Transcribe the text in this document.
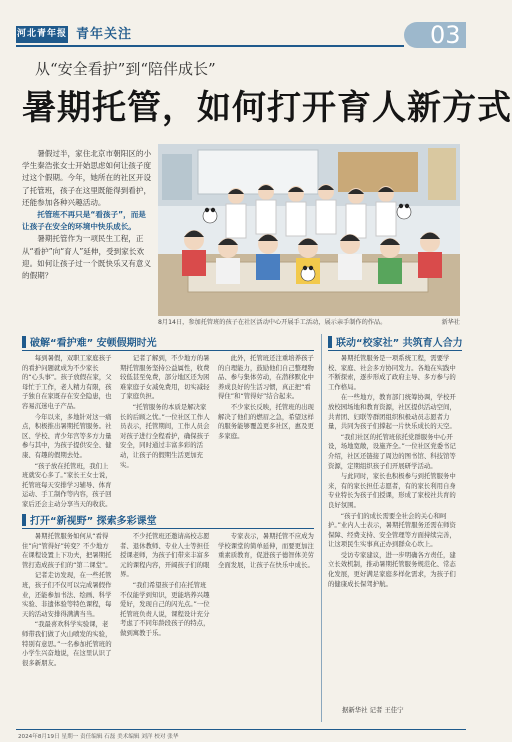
河北青年报 青年关注	03
从“安全看护”到“陪伴成长”
暑期托管，如何打开育人新方式

暑假过半，家住北京市朝阳区的小学生秦浩张女士开始思虑如何让孩子度过这个假期。今年，她所在的社区开设了托管班，孩子在这里既能得到看护，还能参加各种兴趣活动。

托管班不再只是“看孩子”，而是让孩子在安全的环境中快乐成长。

暑期托管作为一项民生工程，正从“看护”向“育人”延伸，受到家长欢迎。如何让孩子过一个既快乐又有意义的假期？

8月14日，参加托管班的孩子在社区活动中心开展手工活动，展示亲手制作的作品。	新华社
破解“看护难” 安顿假期时光

每到暑假，双职工家庭孩子的看护问题就成为不少家长的“心头事”。孩子放假在家，父母忙于工作，老人精力有限，孩子独自在家既存在安全隐患，也容易沉迷电子产品。

今年以来，多地针对这一痛点，积极推出暑期托管服务。社区、学校、青少年宫等多方力量参与其中，为孩子提供安全、健康、有趣的假期去处。

“孩子放在托管班，我们上班就安心多了。”家长王女士说，托管班每天安排学习辅导、体育运动、手工制作等内容，孩子回家后还会主动分享当天的收获。

记者了解到，不少地方的暑期托管服务坚持公益属性，收费较低甚至免费，部分地区还为困难家庭子女减免费用，切实减轻了家庭负担。

“托管服务的本质是解决家长的后顾之忧。”一位社区工作人员表示，托管期间，工作人员会对孩子进行全程看护，确保孩子安全，同时通过丰富多彩的活动，让孩子的假期生活更加充实。

此外，托管班还注重培养孩子的自理能力，鼓励他们自己整理物品、参与集体劳动，在潜移默化中养成良好的生活习惯，真正把“看得住”和“管得好”结合起来。

不少家长反映，托管班的出现解决了他们的燃眉之急，希望这样的服务能够覆盖更多社区，惠及更多家庭。

打开“新视野” 探索多彩课堂

暑期托管服务如何从“看得住”向“管得好”转变？不少地方在课程设置上下功夫，把暑期托管打造成孩子们的“第二课堂”。

记者走访发现，在一些托管班，孩子们不仅可以完成暑假作业，还能参加书法、绘画、科学实验、非遗体验等特色课程，每天的活动安排得满满当当。

“我最喜欢科学实验课，老师带我们做了火山喷发的实验，特别有意思。”一名参加托管班的小学生兴奋地说，在这里认识了很多新朋友。

不少托管班还邀请高校志愿者、退休教师、专业人士等担任授课老师，为孩子们带来丰富多元的课程内容，开阔孩子们的眼界。

“我们希望孩子们在托管班不仅能学到知识，更能培养兴趣爱好，发现自己的闪光点。”一位托管班负责人说，课程设计充分考虑了不同年龄段孩子的特点，做到寓教于乐。

专家表示，暑期托管不应成为学校课堂的简单延伸，而要更加注重素质教育，促进孩子德智体美劳全面发展，让孩子在快乐中成长。

联动“校家社” 共筑育人合力

暑期托管服务是一项系统工程，需要学校、家庭、社会多方协同发力。各地在实践中不断探索，逐步形成了政府主导、多方参与的工作格局。

在一些地方，教育部门统筹协调，学校开放校园场地和教育资源，社区提供活动空间，共青团、妇联等群团组织积极动员志愿者力量，共同为孩子们撑起一片快乐成长的天空。

“我们社区的托管班依托党群服务中心开设，场地宽敞，设施齐全。”一位社区党委书记介绍，社区还链接了周边的图书馆、科技馆等资源，定期组织孩子们开展研学活动。

与此同时，家长也积极参与到托管服务中来，有的家长担任志愿者，有的家长利用自身专业特长为孩子们授课，形成了家校社共育的良好氛围。

“孩子们的成长需要全社会的关心和呵护。”业内人士表示，暑期托管服务还需在师资保障、经费支持、安全管理等方面持续完善，让这项民生实事真正办到群众心坎上。

受访专家建议，进一步明确各方责任，建立长效机制，推动暑期托管服务规范化、常态化发展，更好满足家庭多样化需求，为孩子们的健康成长保驾护航。

据新华社 记者 王佳宁
2024年8月19日 星期一 责任编辑 石磊 美术编辑 刘洋 校对 张华
